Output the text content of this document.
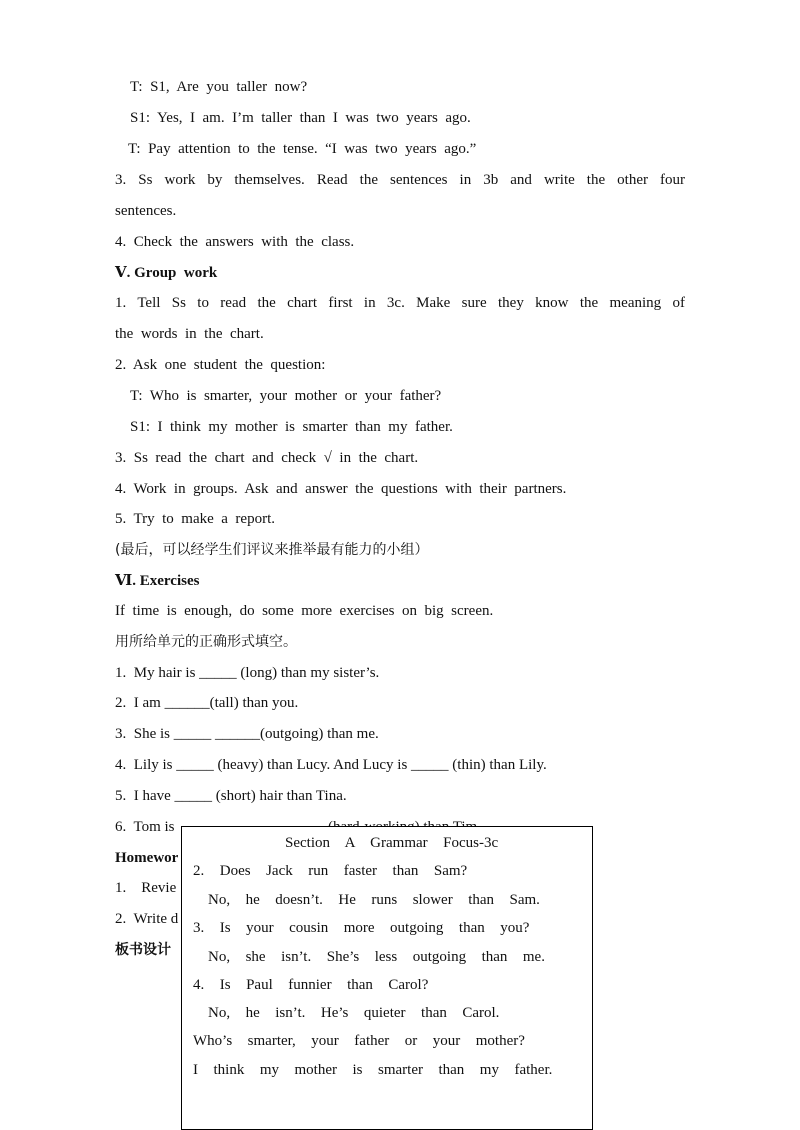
T:  S1,  Are  you  taller  now?
S1:  Yes,  I  am.  I’m  taller  than  I  was  two  years  ago.
T:  Pay  attention  to  the  tense.  “I  was  two  years  ago.”
3. Ss work by themselves. Read the sentences in 3b and write the other four
sentences.
4.  Check  the  answers  with  the  class.
Ⅴ. Group  work
1. Tell Ss to read the chart first in 3c. Make sure they know the meaning of
the  words  in  the  chart.
2.  Ask  one  student  the  question:
T:  Who  is  smarter,  your  mother  or  your  father?
S1:  I  think  my  mother  is  smarter  than  my  father.
3.  Ss  read  the  chart  and  check  √  in  the  chart.
4.  Work  in  groups.  Ask  and  answer  the  questions  with  their  partners.
5.  Try  to  make  a  report.
(最后，可以经学生们评议来推举最有能力的小组）
Ⅵ. Exercises
If  time  is  enough,  do  some  more  exercises  on  big  screen.
用所给单元的正确形式填空。
1.  My hair is _____ (long) than my sister’s.
2.  I am ______(tall) than you.
3.  She is _____ ______(outgoing) than me.
4.  Lily is _____ (heavy) than Lucy. And Lucy is _____ (thin) than Lily.
5.  I have _____ (short) hair than Tina.
6.  Tom is
Homewor
1.    Revie
2.  Write d
板书设计
Section  A  Grammar  Focus-3c
2.  Does  Jack  run  faster  than  Sam?
No,  he  doesn’t.  He  runs  slower  than  Sam.
3.  Is  your  cousin  more  outgoing  than  you?
No,  she  isn’t.  She’s  less  outgoing  than  me.
4.  Is  Paul  funnier  than  Carol?
No,  he  isn’t.  He’s  quieter  than  Carol.
Who’s  smarter,  your  father  or  your  mother?
I  think  my  mother  is  smarter  than  my  father.
